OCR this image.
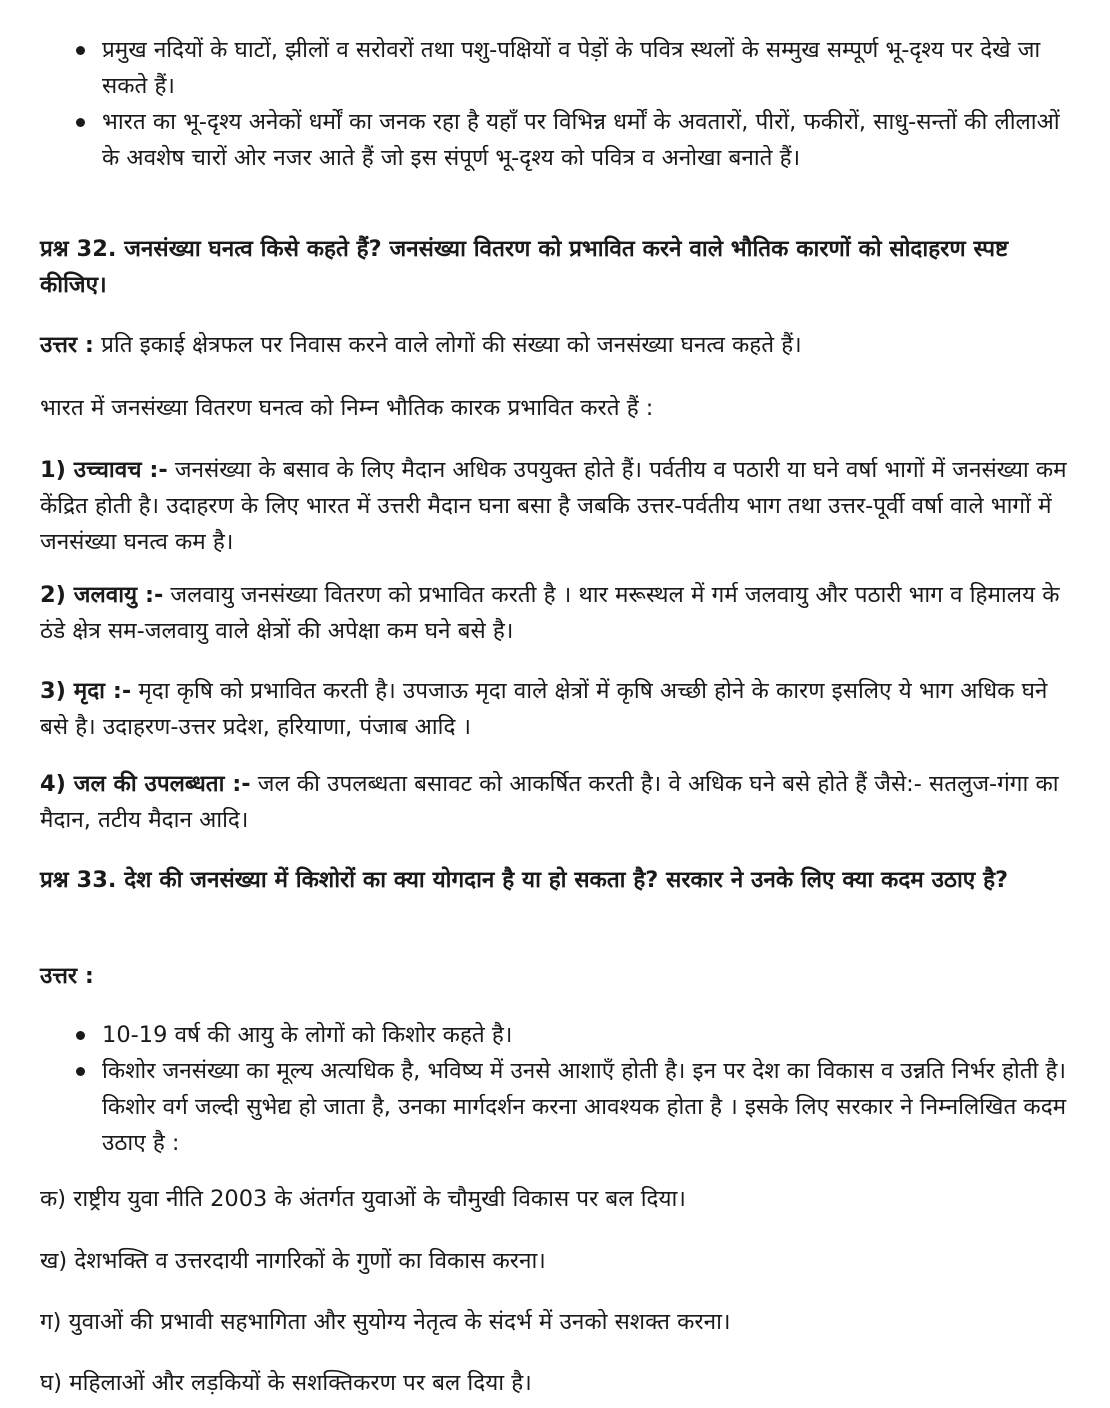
प्रमुख नदियों के घाटों, झीलों व सरोवरों तथा पशु-पक्षियों व पेड़ों के पवित्र स्थलों के सम्मुख सम्पूर्ण भू-दृश्य पर देखे जा सकते हैं।
भारत का भू-दृश्य अनेकों धर्मों का जनक रहा है यहाँ पर विभिन्न धर्मों के अवतारों, पीरों, फकीरों, साधु-सन्तों की लीलाओं के अवशेष चारों ओर नजर आते हैं जो इस संपूर्ण भू-दृश्य को पवित्र व अनोखा बनाते हैं।

प्रश्न 32. जनसंख्या घनत्व किसे कहते हैं? जनसंख्या वितरण को प्रभावित करने वाले भौतिक कारणों को सोदाहरण स्पष्ट कीजिए।

उत्तर : प्रति इकाई क्षेत्रफल पर निवास करने वाले लोगों की संख्या को जनसंख्या घनत्व कहते हैं।

भारत में जनसंख्या वितरण घनत्व को निम्न भौतिक कारक प्रभावित करते हैं :

1) उच्चावच :- जनसंख्या के बसाव के लिए मैदान अधिक उपयुक्त होते हैं। पर्वतीय व पठारी या घने वर्षा भागों में जनसंख्या कम केंद्रित होती है। उदाहरण के लिए भारत में उत्तरी मैदान घना बसा है जबकि उत्तर-पर्वतीय भाग तथा उत्तर-पूर्वी वर्षा वाले भागों में जनसंख्या घनत्व कम है।

2) जलवायु :- जलवायु जनसंख्या वितरण को प्रभावित करती है । थार मरूस्थल में गर्म जलवायु और पठारी भाग व हिमालय के ठंडे क्षेत्र सम-जलवायु वाले क्षेत्रों की अपेक्षा कम घने बसे है।

3) मृदा :- मृदा कृषि को प्रभावित करती है। उपजाऊ मृदा वाले क्षेत्रों में कृषि अच्छी होने के कारण इसलिए ये भाग अधिक घने बसे है। उदाहरण-उत्तर प्रदेश, हरियाणा, पंजाब आदि ।

4) जल की उपलब्धता :- जल की उपलब्धता बसावट को आकर्षित करती है। वे अधिक घने बसे होते हैं जैसे:- सतलुज-गंगा का मैदान, तटीय मैदान आदि।

प्रश्न 33. देश की जनसंख्या में किशोरों का क्या योगदान है या हो सकता है? सरकार ने उनके लिए क्या कदम उठाए है?

उत्तर :

10-19 वर्ष की आयु के लोगों को किशोर कहते है।
किशोर जनसंख्या का मूल्य अत्यधिक है, भविष्य में उनसे आशाएँ होती है। इन पर देश का विकास व उन्नति निर्भर होती है। किशोर वर्ग जल्दी सुभेद्य हो जाता है, उनका मार्गदर्शन करना आवश्यक होता है । इसके लिए सरकार ने निम्नलिखित कदम उठाए है :

क) राष्ट्रीय युवा नीति 2003 के अंतर्गत युवाओं के चौमुखी विकास पर बल दिया।

ख) देशभक्ति व उत्तरदायी नागरिकों के गुणों का विकास करना।

ग) युवाओं की प्रभावी सहभागिता और सुयोग्य नेतृत्व के संदर्भ में उनको सशक्त करना।

घ) महिलाओं और लड़कियों के सशक्तिकरण पर बल दिया है।
